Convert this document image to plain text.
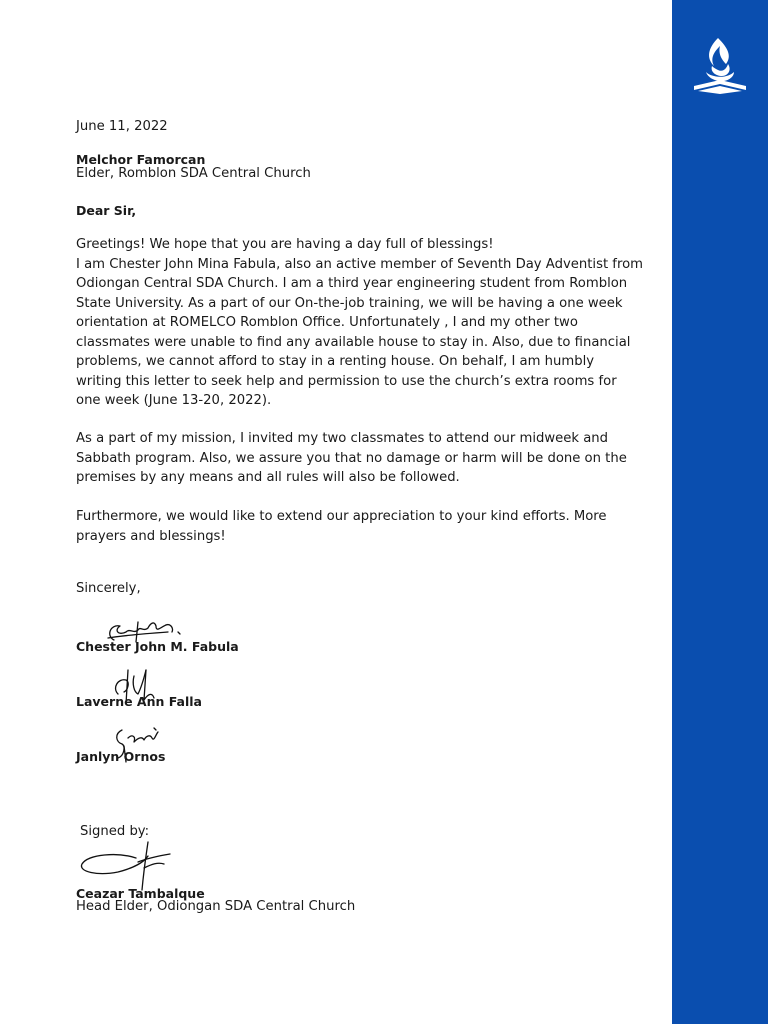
June 11, 2022
Melchor Famorcan
Elder, Romblon SDA Central Church
Dear Sir,

Greetings! We hope that you are having a day full of blessings!

I am Chester John Mina Fabula, also an active member of Seventh Day Adventist from

Odiongan Central SDA Church. I am a third year engineering student from Romblon

State University. As a part of our On-the-job training, we will be having a one week

orientation at ROMELCO Romblon Office. Unfortunately , I and my other two

classmates were unable to find any available house to stay in. Also, due to financial

problems, we cannot afford to stay in a renting house. On behalf, I am humbly

writing this letter to seek help and permission to use the church’s extra rooms for

one week (June 13-20, 2022).

As a part of my mission, I invited my two classmates to attend our midweek and

Sabbath program. Also, we assure you that no damage or harm will be done on the

premises by any means and all rules will also be followed.

Furthermore, we would like to extend our appreciation to your kind efforts. More

prayers and blessings!

Sincerely,
Chester John M. Fabula
Laverne Ann Falla
Janlyn Ornos
Signed by:
Ceazar Tambalque
Head Elder, Odiongan SDA Central Church
